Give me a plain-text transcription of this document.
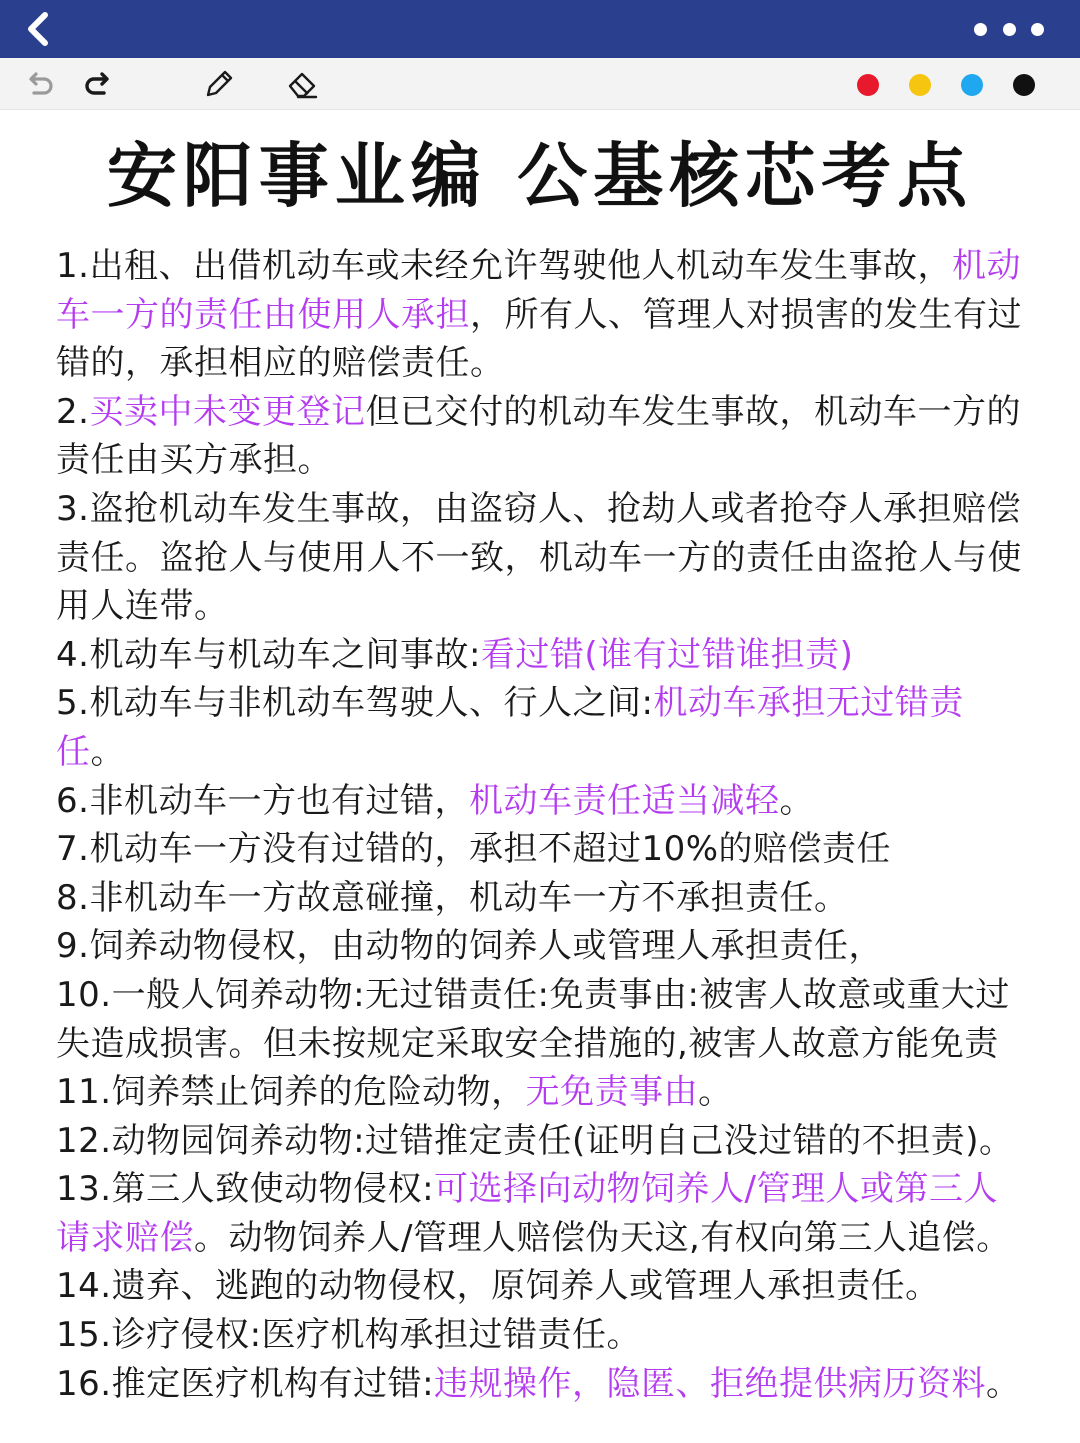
安阳事业编 公基核芯考点

1.出租、出借机动车或未经允许驾驶他人机动车发生事故，机动车一方的责任由使用人承担，所有人、管理人对损害的发生有过错的，承担相应的赔偿责任。

2.买卖中未变更登记但已交付的机动车发生事故，机动车一方的责任由买方承担。

3.盗抢机动车发生事故，由盗窃人、抢劫人或者抢夺人承担赔偿责任。盗抢人与使用人不一致，机动车一方的责任由盗抢人与使用人连带。

4.机动车与机动车之间事故:看过错(谁有过错谁担责)

5.机动车与非机动车驾驶人、行人之间:机动车承担无过错责任。

6.非机动车一方也有过错，机动车责任适当减轻。

7.机动车一方没有过错的，承担不超过10%的赔偿责任

8.非机动车一方故意碰撞，机动车一方不承担责任。

9.饲养动物侵权，由动物的饲养人或管理人承担责任，

10.一般人饲养动物:无过错责任:免责事由:被害人故意或重大过失造成损害。但未按规定采取安全措施的,被害人故意方能免责

11.饲养禁止饲养的危险动物，无免责事由。

12.动物园饲养动物:过错推定责任(证明自己没过错的不担责)。

13.第三人致使动物侵权:可选择向动物饲养人/管理人或第三人请求赔偿。动物饲养人/管理人赔偿伪天这,有权向第三人追偿。

14.遗弃、逃跑的动物侵权，原饲养人或管理人承担责任。

15.诊疗侵权:医疗机构承担过错责任。

16.推定医疗机构有过错:违规操作，隐匿、拒绝提供病历资料。
